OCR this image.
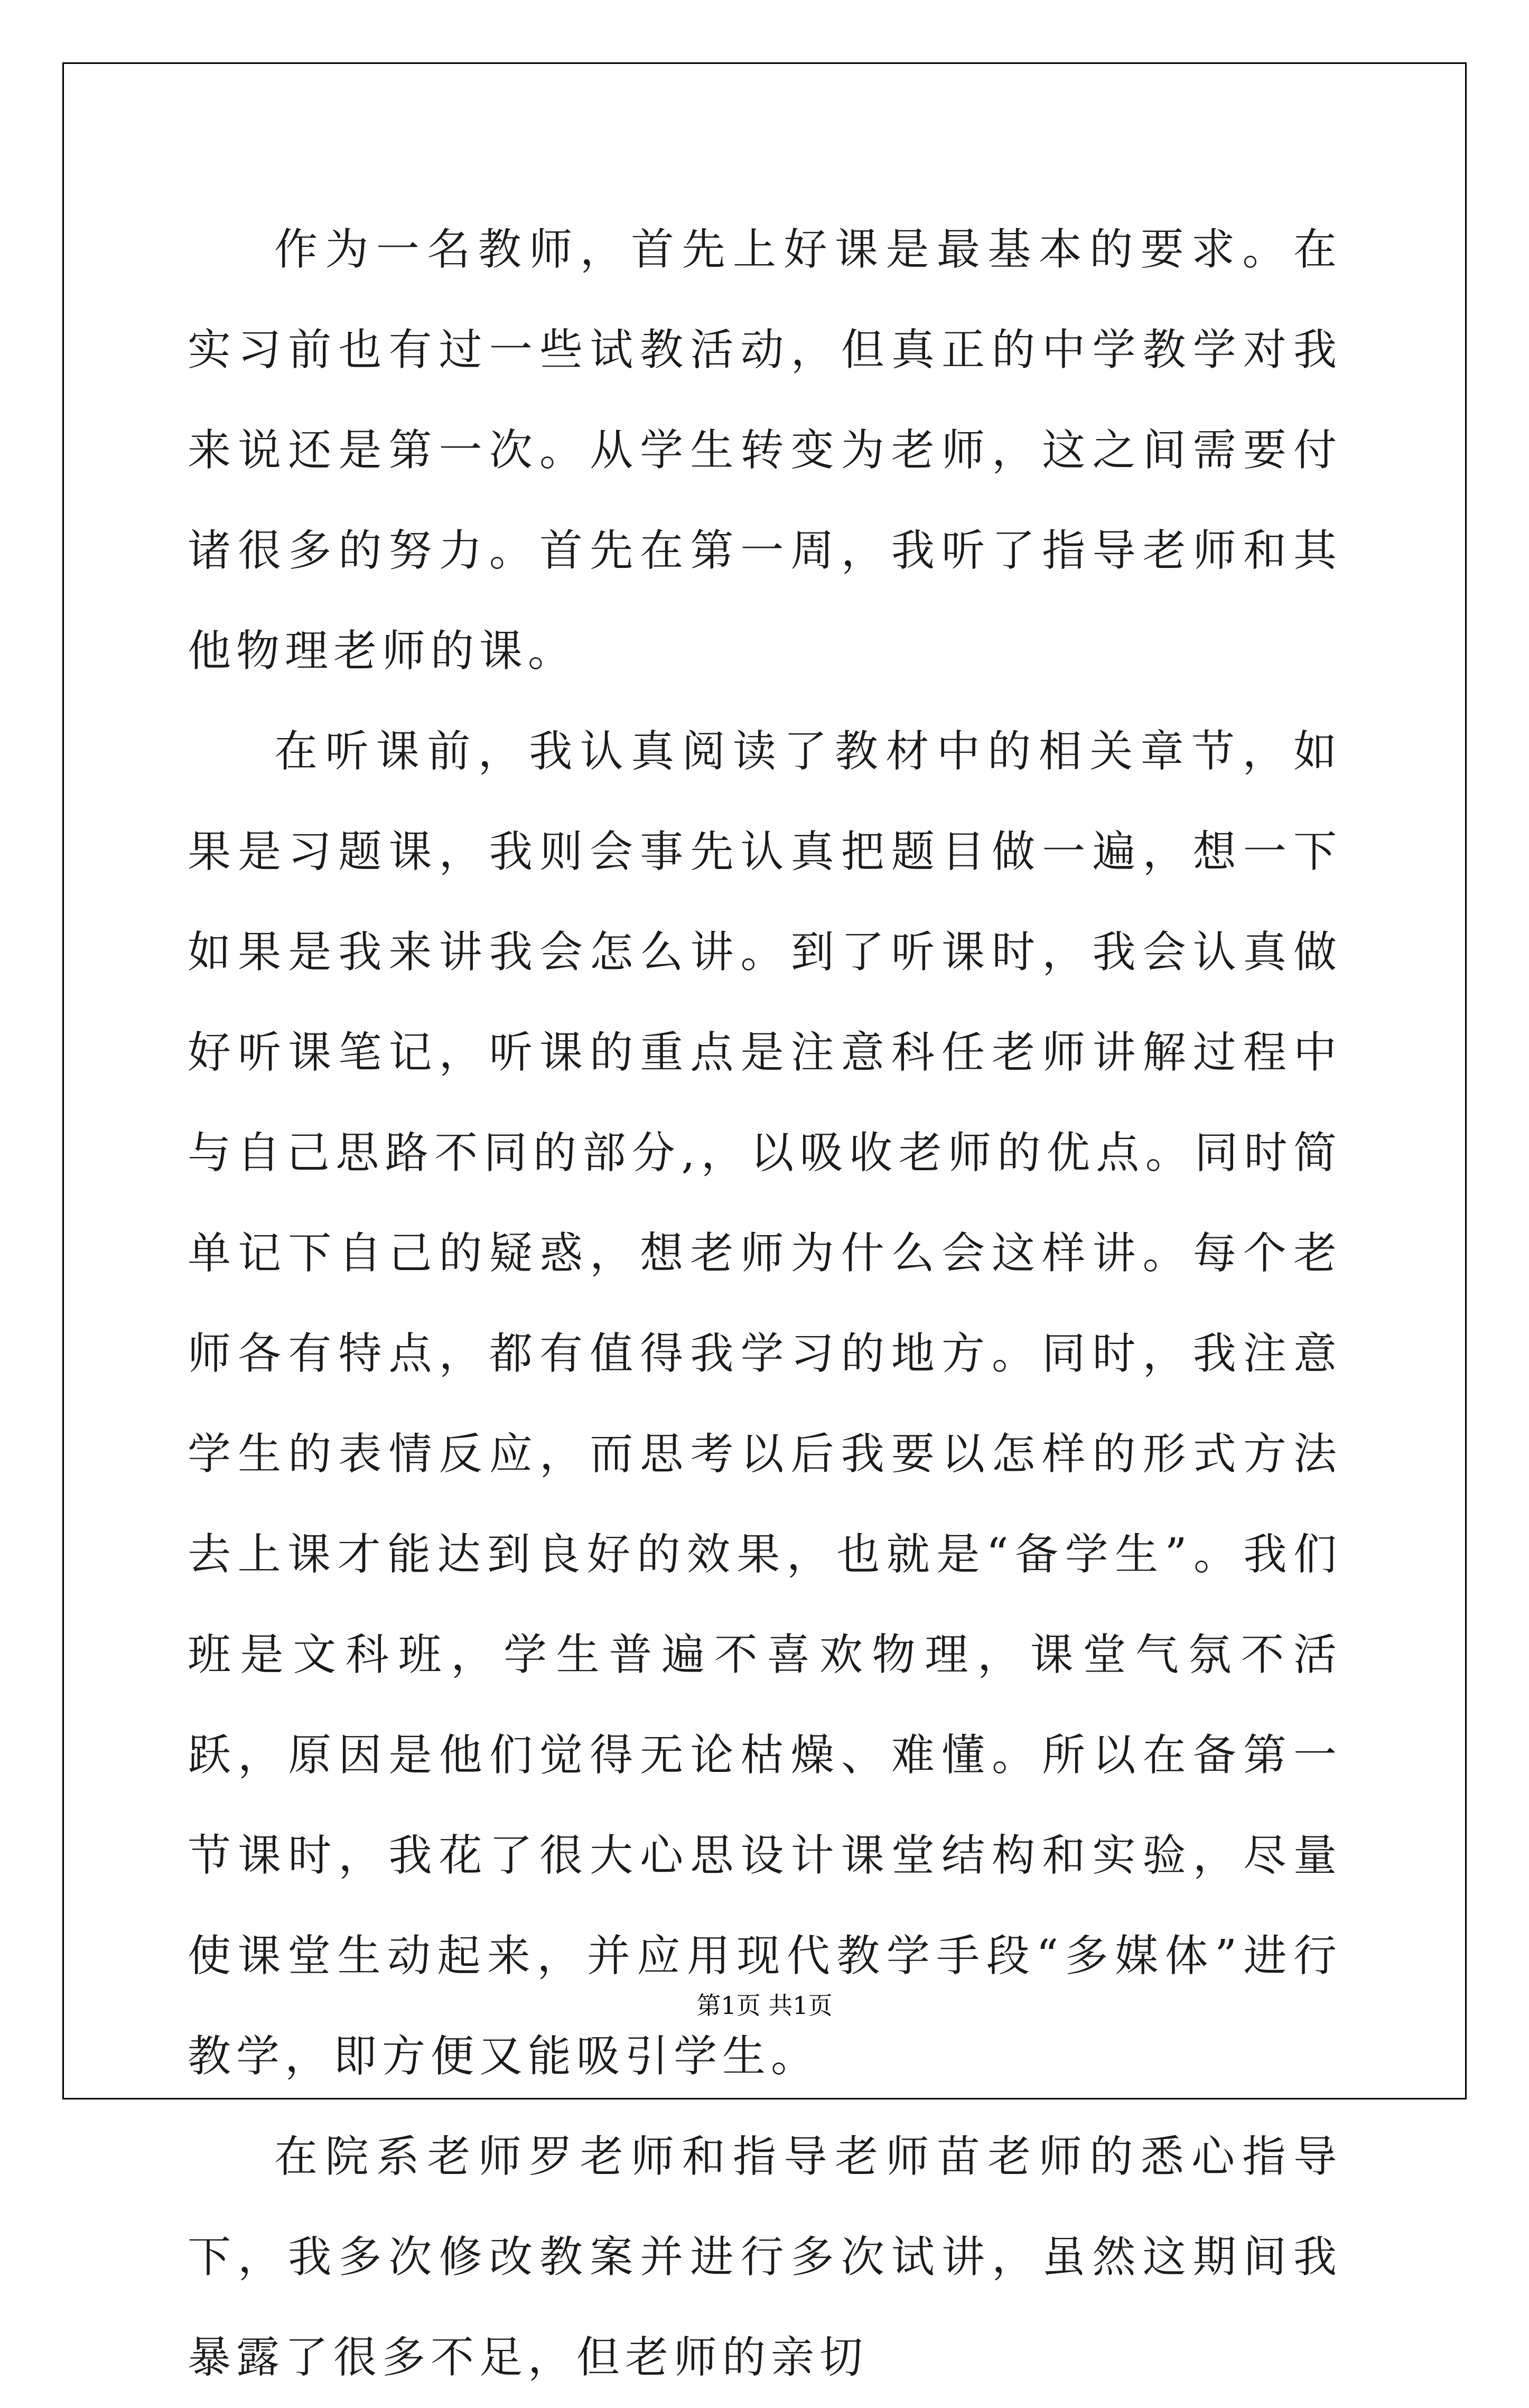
作为一名教师，首先上好课是最基本的要求。在实习前也有过一些试教活动，但真正的中学教学对我来说还是第一次。从学生转变为老师，这之间需要付诸很多的努力。首先在第一周，我听了指导老师和其他物理老师的课。

在听课前，我认真阅读了教材中的相关章节，如果是习题课，我则会事先认真把题目做一遍，想一下如果是我来讲我会怎么讲。到了听课时，我会认真做好听课笔记，听课的重点是注意科任老师讲解过程中与自己思路不同的部分,，以吸收老师的优点。同时简单记下自己的疑惑，想老师为什么会这样讲。每个老师各有特点，都有值得我学习的地方。同时，我注意学生的表情反应，而思考以后我要以怎样的形式方法去上课才能达到良好的效果，也就是“备学生”。我们班是文科班，学生普遍不喜欢物理，课堂气氛不活跃，原因是他们觉得无论枯燥、难懂。所以在备第一节课时，我花了很大心思设计课堂结构和实验，尽量使课堂生动起来，并应用现代教学手段“多媒体”进行教学，即方便又能吸引学生。

在院系老师罗老师和指导老师苗老师的悉心指导下，我多次修改教案并进行多次试讲，虽然这期间我暴露了很多不足，但老师的亲切

第1页 共1页
